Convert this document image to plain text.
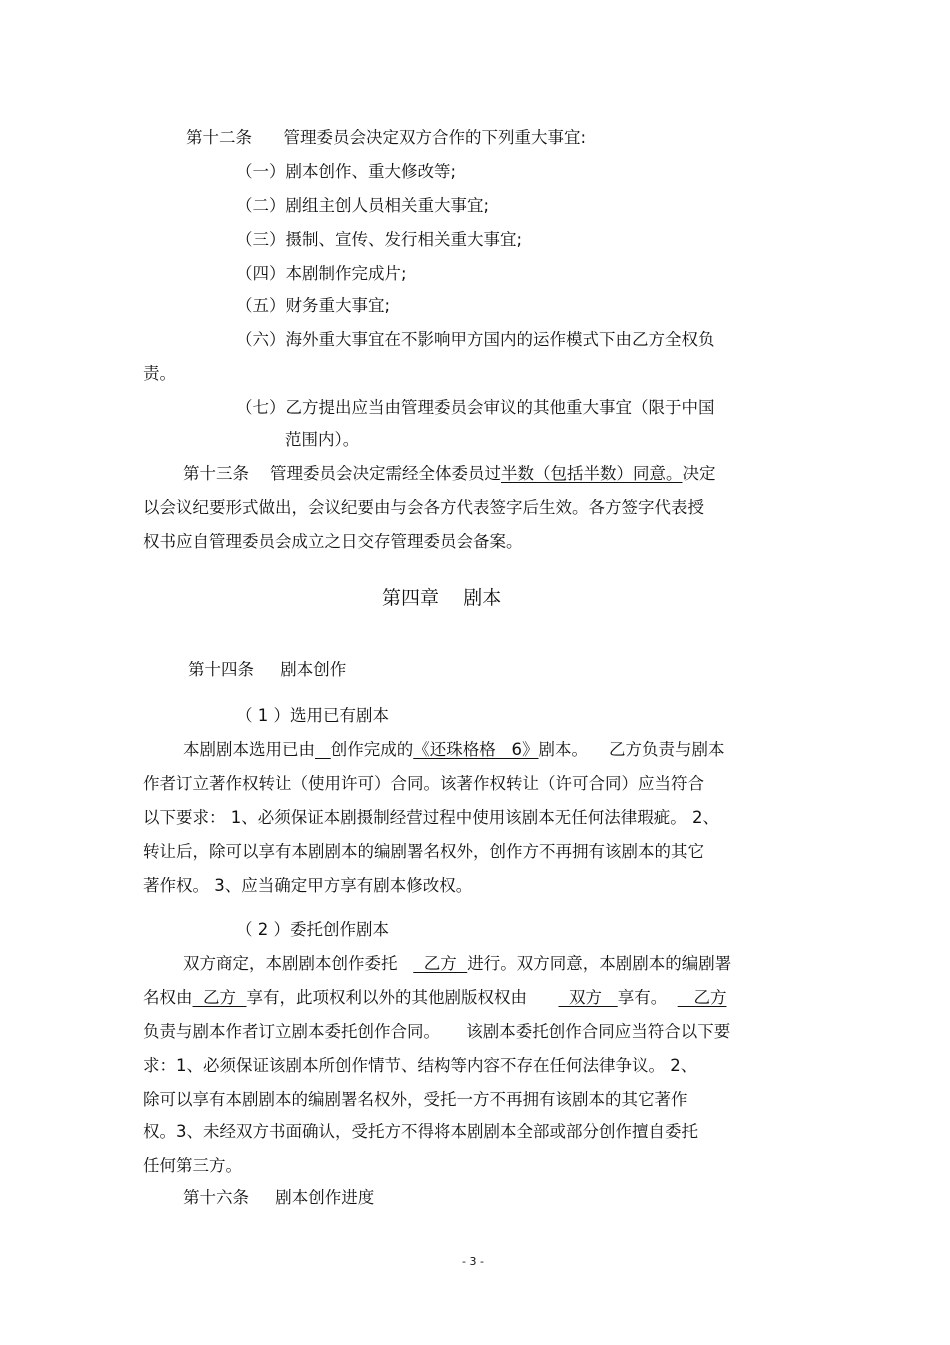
第十二条 管理委员会决定双方合作的下列重大事宜:
（一）剧本创作、重大修改等;
（二）剧组主创人员相关重大事宜;
（三）摄制、宣传、发行相关重大事宜;
（四）本剧制作完成片;
（五）财务重大事宜;
（六）海外重大事宜在不影响甲方国内的运作模式下由乙方全权负
责。
（七）乙方提出应当由管理委员会审议的其他重大事宜（限于中国
范围内）。
第十三条 管理委员会决定需经全体委员过半数（包括半数）同意。决定
以会议纪要形式做出，会议纪要由与会各方代表签字后生效。各方签字代表授
权书应自管理委员会成立之日交存管理委员会备案。
第四章 剧本
第十四条 剧本创作
（ 1 ）选用已有剧本
本剧剧本选用已由 创作完成的《还珠格格   6》剧本。    乙方负责与剧本
作者订立著作权转让（使用许可）合同。该著作权转让（许可合同）应当符合
以下要求： 1、必须保证本剧摄制经营过程中使用该剧本无任何法律瑕疵。 2、
转让后，除可以享有本剧剧本的编剧署名权外，创作方不再拥有该剧本的其它
著作权。 3、应当确定甲方享有剧本修改权。
（ 2 ）委托创作剧本
双方商定，本剧剧本创作委托     乙方  进行。双方同意，本剧剧本的编剧署
名权由  乙方  享有，此项权利以外的其他剧版权权由        双方   享有。     乙方
负责与剧本作者订立剧本委托创作合同。     该剧本委托创作合同应当符合以下要
求：1、必须保证该剧本所创作情节、结构等内容不存在任何法律争议。 2、
除可以享有本剧剧本的编剧署名权外，受托一方不再拥有该剧本的其它著作
权。3、未经双方书面确认，受托方不得将本剧剧本全部或部分创作擅自委托
任何第三方。
第十六条 剧本创作进度
- 3 -
